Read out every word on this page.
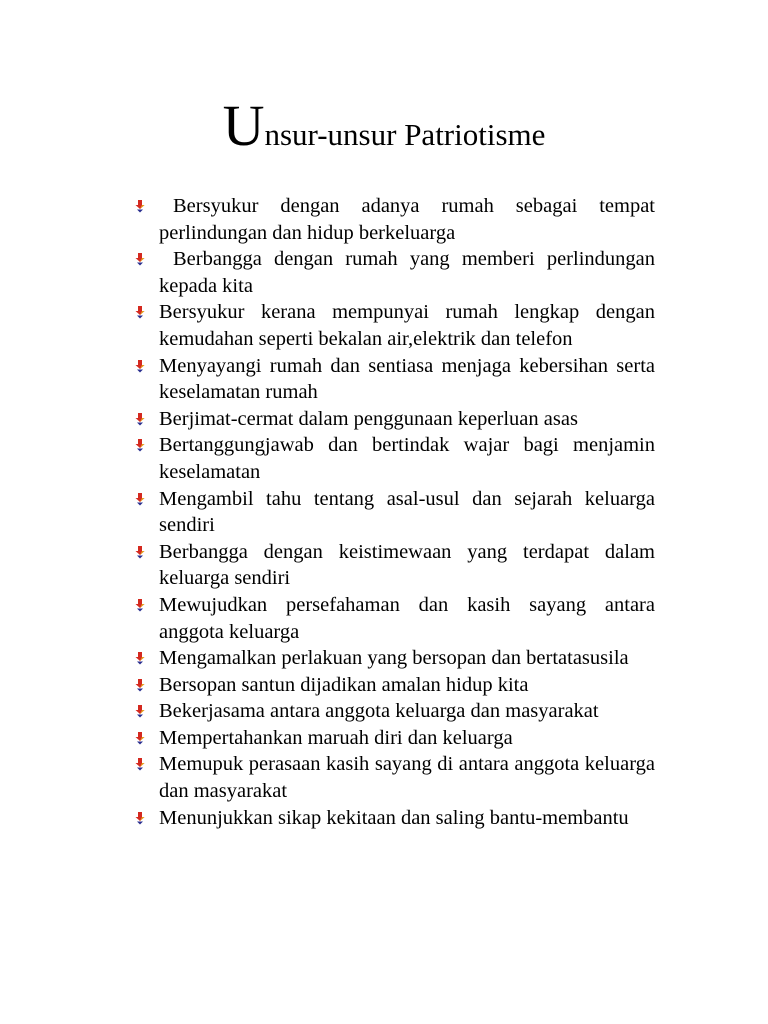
Unsur-unsur Patriotisme
Bersyukur dengan adanya rumah sebagai tempat perlindungan dan hidup berkeluarga
Berbangga dengan rumah yang memberi perlindungan kepada kita
Bersyukur kerana mempunyai rumah lengkap dengan kemudahan seperti bekalan air,elektrik dan telefon
Menyayangi rumah dan sentiasa menjaga kebersihan serta keselamatan rumah
Berjimat-cermat dalam penggunaan keperluan asas
Bertanggungjawab dan bertindak wajar bagi menjamin keselamatan
Mengambil tahu tentang asal-usul dan sejarah keluarga sendiri
Berbangga dengan keistimewaan yang terdapat dalam keluarga sendiri
Mewujudkan persefahaman dan kasih sayang antara anggota keluarga
Mengamalkan perlakuan yang bersopan dan bertatasusila
Bersopan santun dijadikan amalan hidup kita
Bekerjasama antara anggota keluarga dan masyarakat
Mempertahankan maruah diri dan keluarga
Memupuk perasaan kasih sayang di antara anggota keluarga dan masyarakat
Menunjukkan sikap kekitaan dan saling bantu-membantu
